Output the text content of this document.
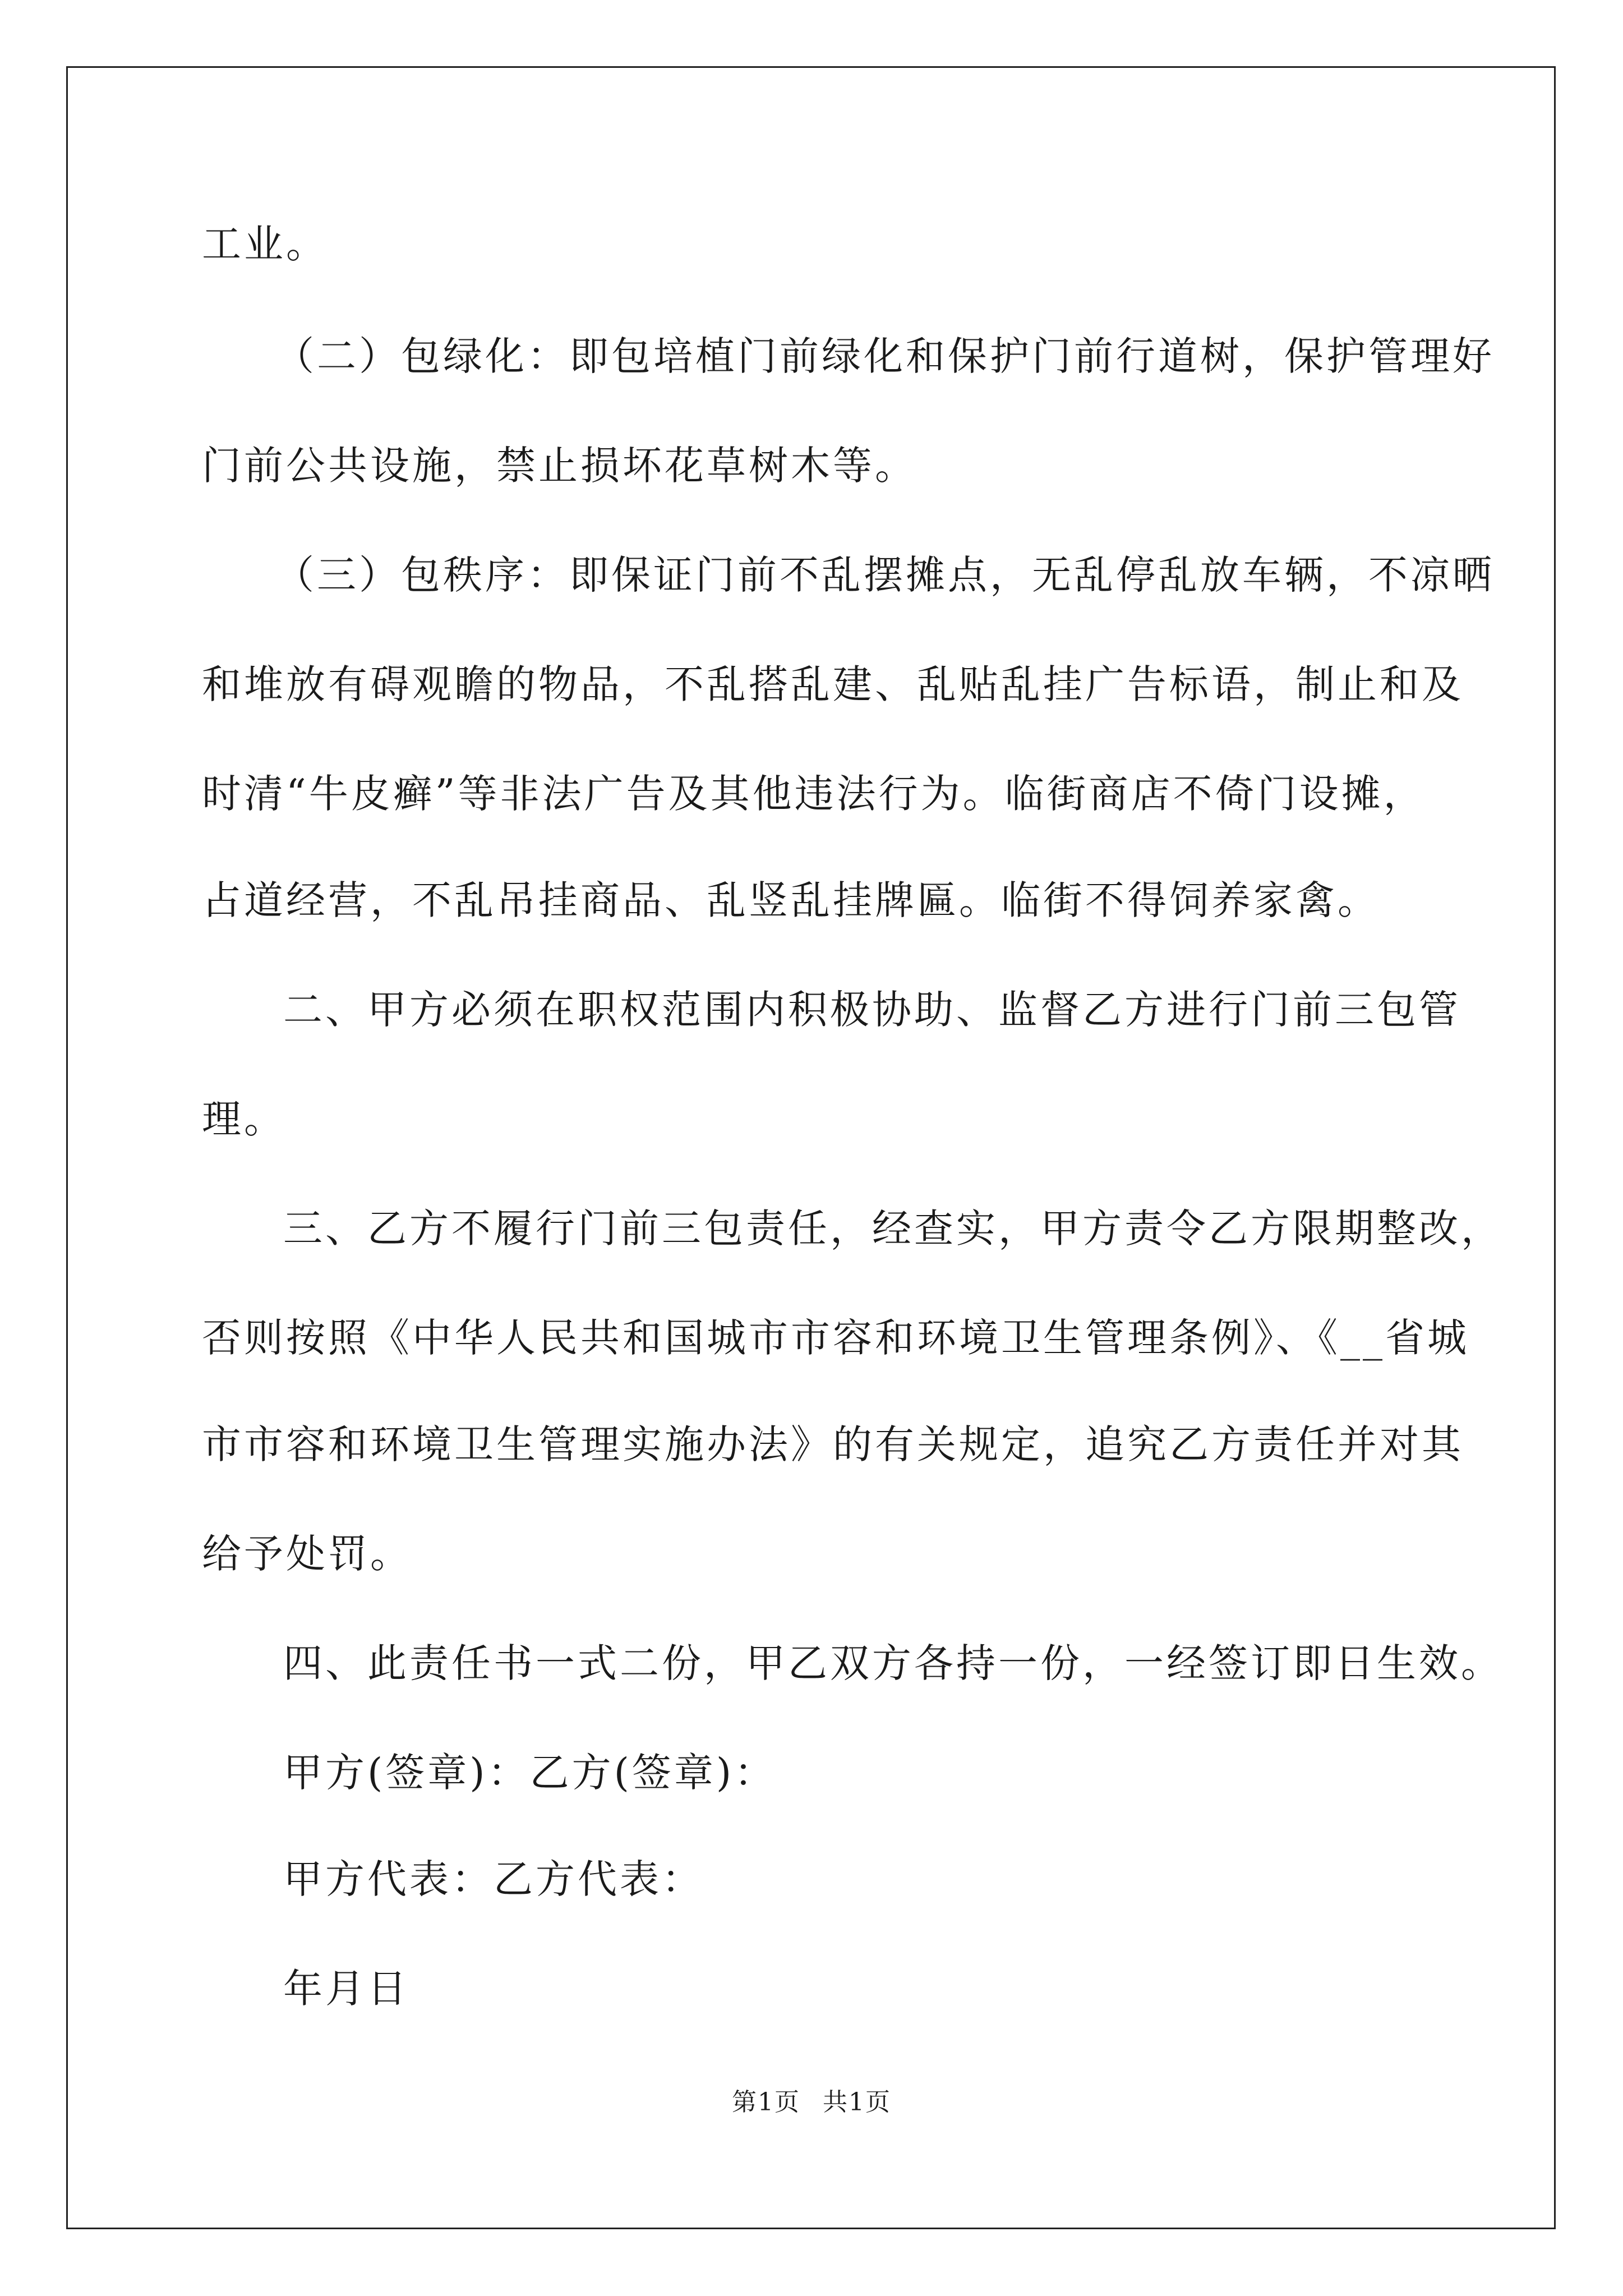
工业。
（二）包绿化：即包培植门前绿化和保护门前行道树，保护管理好
门前公共设施，禁止损坏花草树木等。
（三）包秩序：即保证门前不乱摆摊点，无乱停乱放车辆，不凉晒
和堆放有碍观瞻的物品，不乱搭乱建、乱贴乱挂广告标语，制止和及
时清“牛皮癣”等非法广告及其他违法行为。临街商店不倚门设摊，
占道经营，不乱吊挂商品、乱竖乱挂牌匾。临街不得饲养家禽。
二、甲方必须在职权范围内积极协助、监督乙方进行门前三包管
理。
三、乙方不履行门前三包责任，经查实，甲方责令乙方限期整改，
否则按照《中华人民共和国城市市容和环境卫生管理条例》、《__省城
市市容和环境卫生管理实施办法》的有关规定，追究乙方责任并对其
给予处罚。
四、此责任书一式二份，甲乙双方各持一份，一经签订即日生效。
甲方(签章)：乙方(签章)：
甲方代表：乙方代表：
年月日
第1页 共1页
